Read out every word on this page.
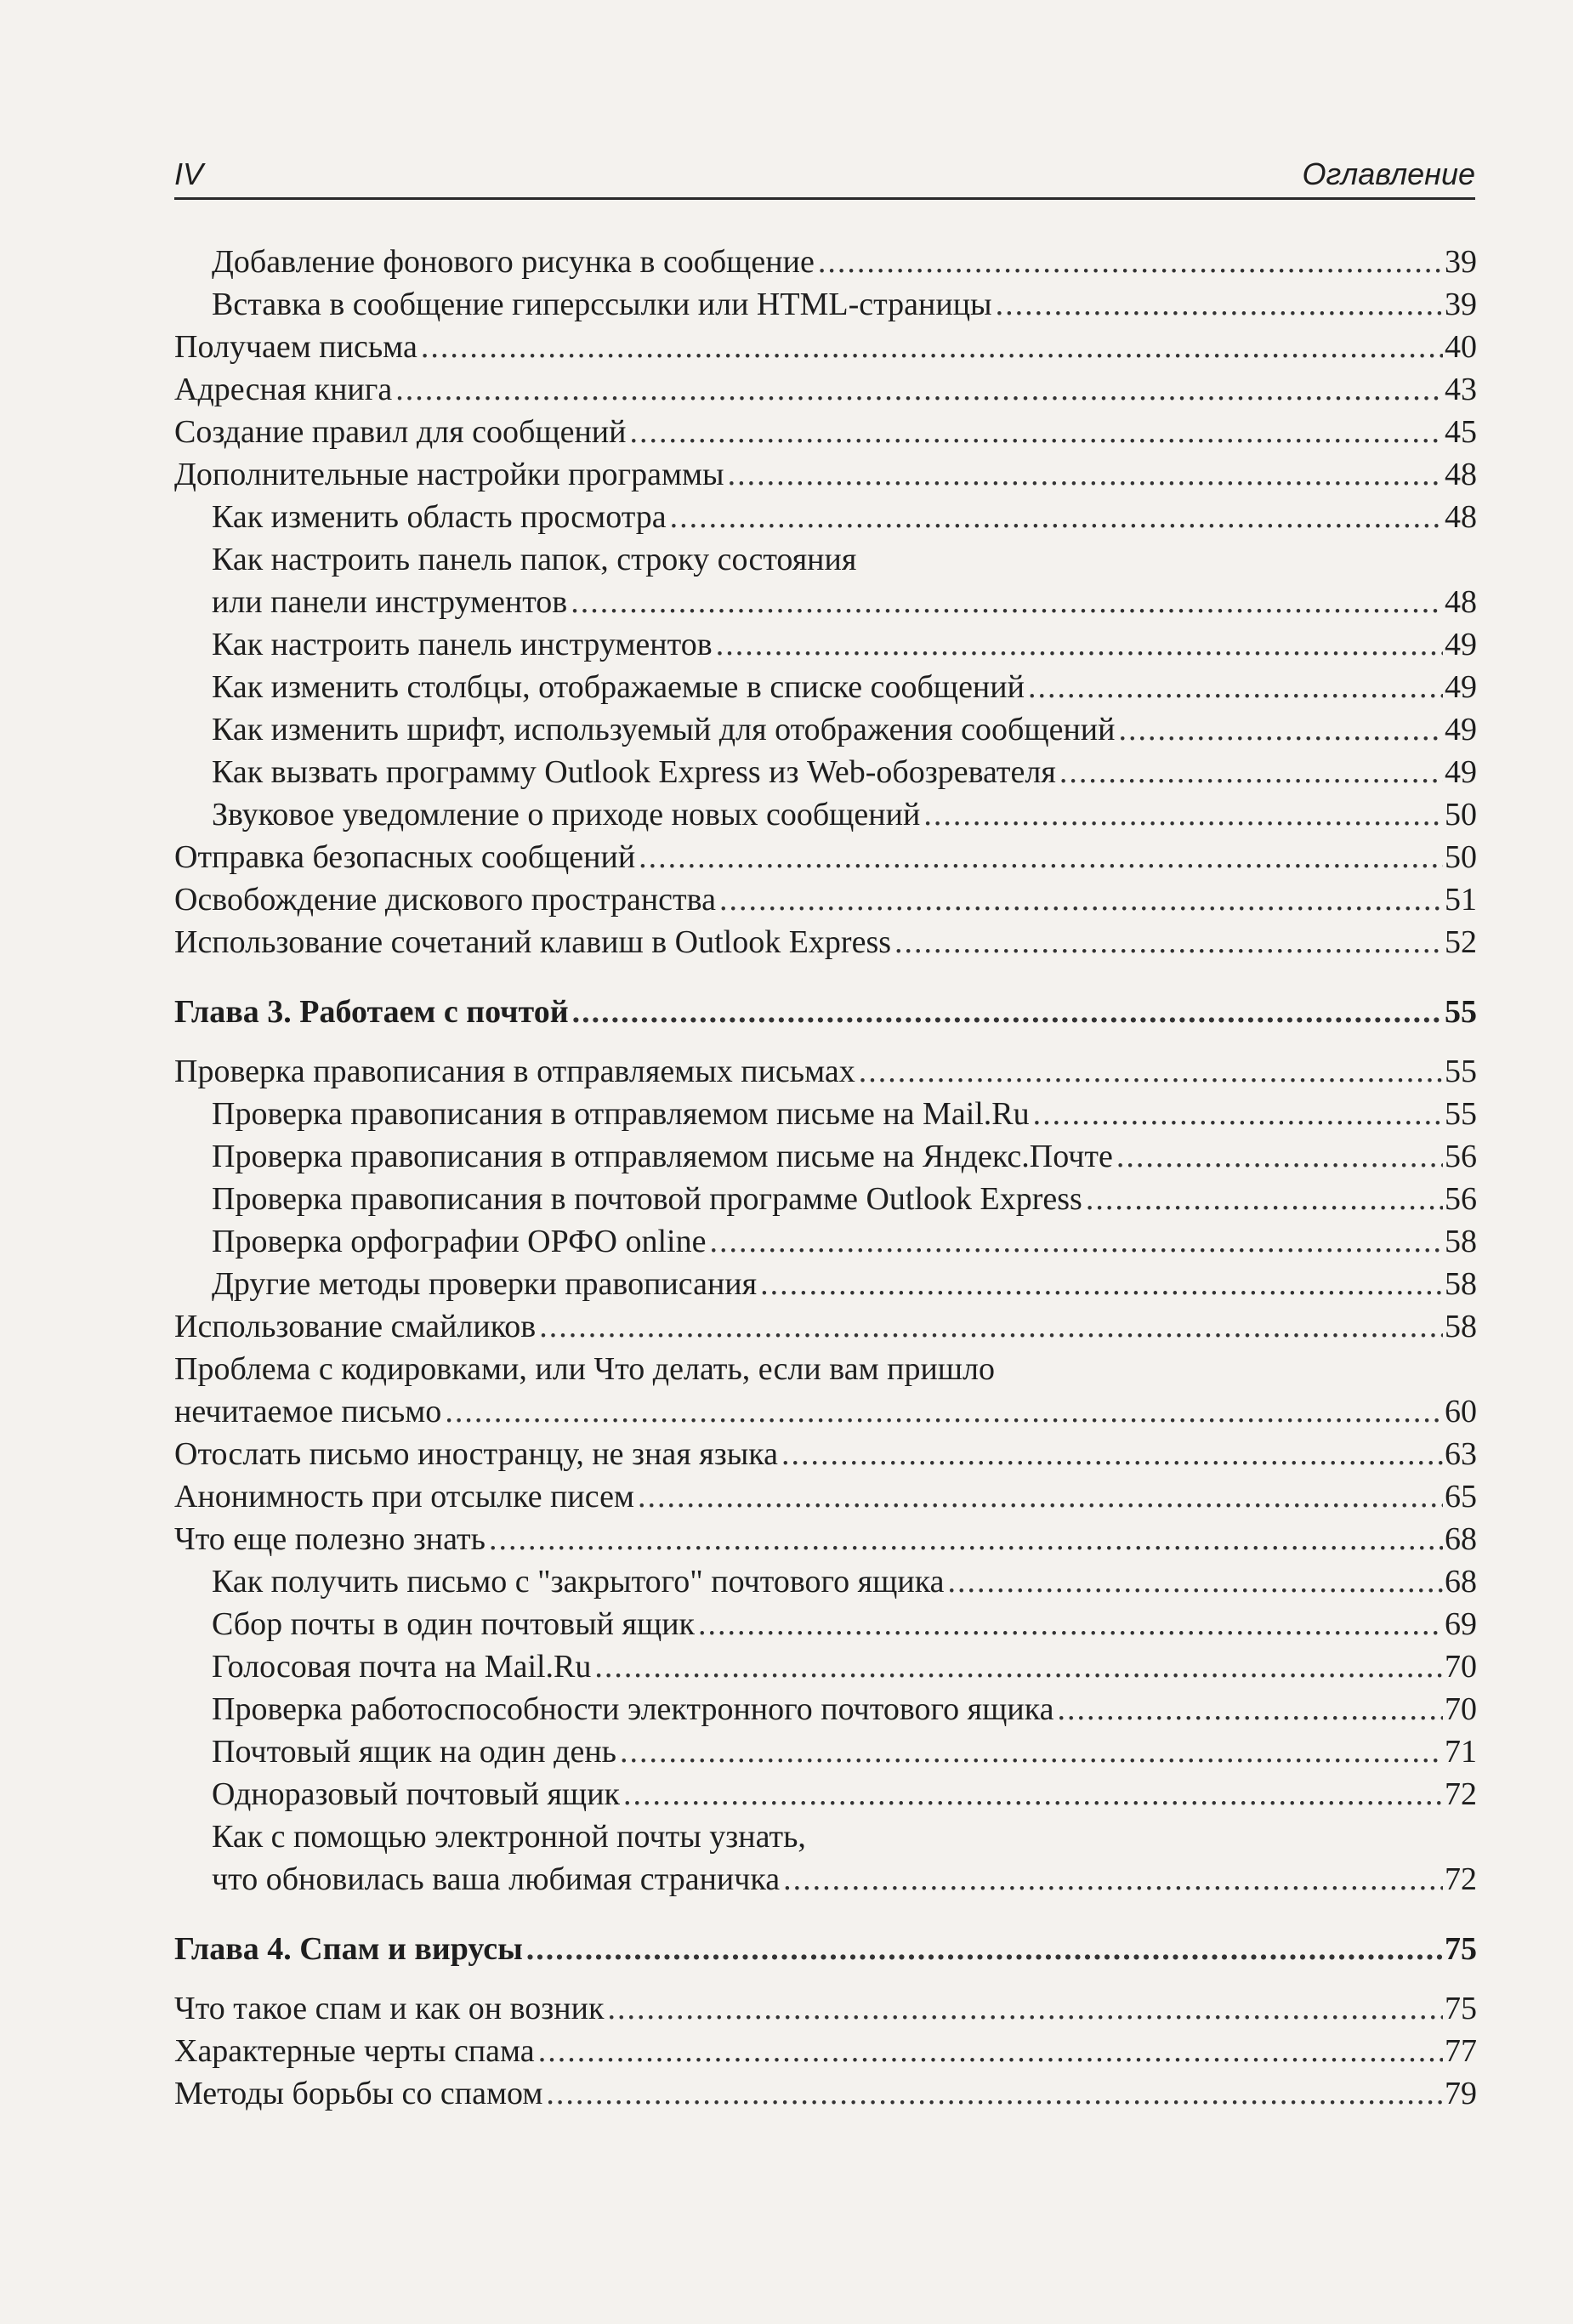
IV	Оглавление
Добавление фонового рисунка в сообщение .....	39
Вставка в сообщение гиперссылки или HTML-страницы .....	39
Получаем письма .....	40
Адресная книга .....	43
Создание правил для сообщений .....	45
Дополнительные настройки программы .....	48
Как изменить область просмотра .....	48
Как настроить панель папок, строку состояния
или панели инструментов .....	48
Как настроить панель инструментов .....	49
Как изменить столбцы, отображаемые в списке сообщений .....	49
Как изменить шрифт, используемый для отображения сообщений .....	49
Как вызвать программу Outlook Express из Web-обозревателя .....	49
Звуковое уведомление о приходе новых сообщений .....	50
Отправка безопасных сообщений .....	50
Освобождение дискового пространства .....	51
Использование сочетаний клавиш в Outlook Express .....	52
Глава 3. Работаем с почтой .....	55
Проверка правописания в отправляемых письмах .....	55
Проверка правописания в отправляемом письме на Mail.Ru .....	55
Проверка правописания в отправляемом письме на Яндекс.Почте .....	56
Проверка правописания в почтовой программе Outlook Express .....	56
Проверка орфографии ОРФО online .....	58
Другие методы проверки правописания .....	58
Использование смайликов .....	58
Проблема с кодировками, или Что делать, если вам пришло
нечитаемое письмо .....	60
Отослать письмо иностранцу, не зная языка .....	63
Анонимность при отсылке писем .....	65
Что еще полезно знать .....	68
Как получить письмо с "закрытого" почтового ящика .....	68
Сбор почты в один почтовый ящик .....	69
Голосовая почта на Mail.Ru .....	70
Проверка работоспособности электронного почтового ящика .....	70
Почтовый ящик на один день .....	71
Одноразовый почтовый ящик .....	72
Как с помощью электронной почты узнать,
что обновилась ваша любимая страничка .....	72
Глава 4. Спам и вирусы .....	75
Что такое спам и как он возник .....	75
Характерные черты спама .....	77
Методы борьбы со спамом .....	79
